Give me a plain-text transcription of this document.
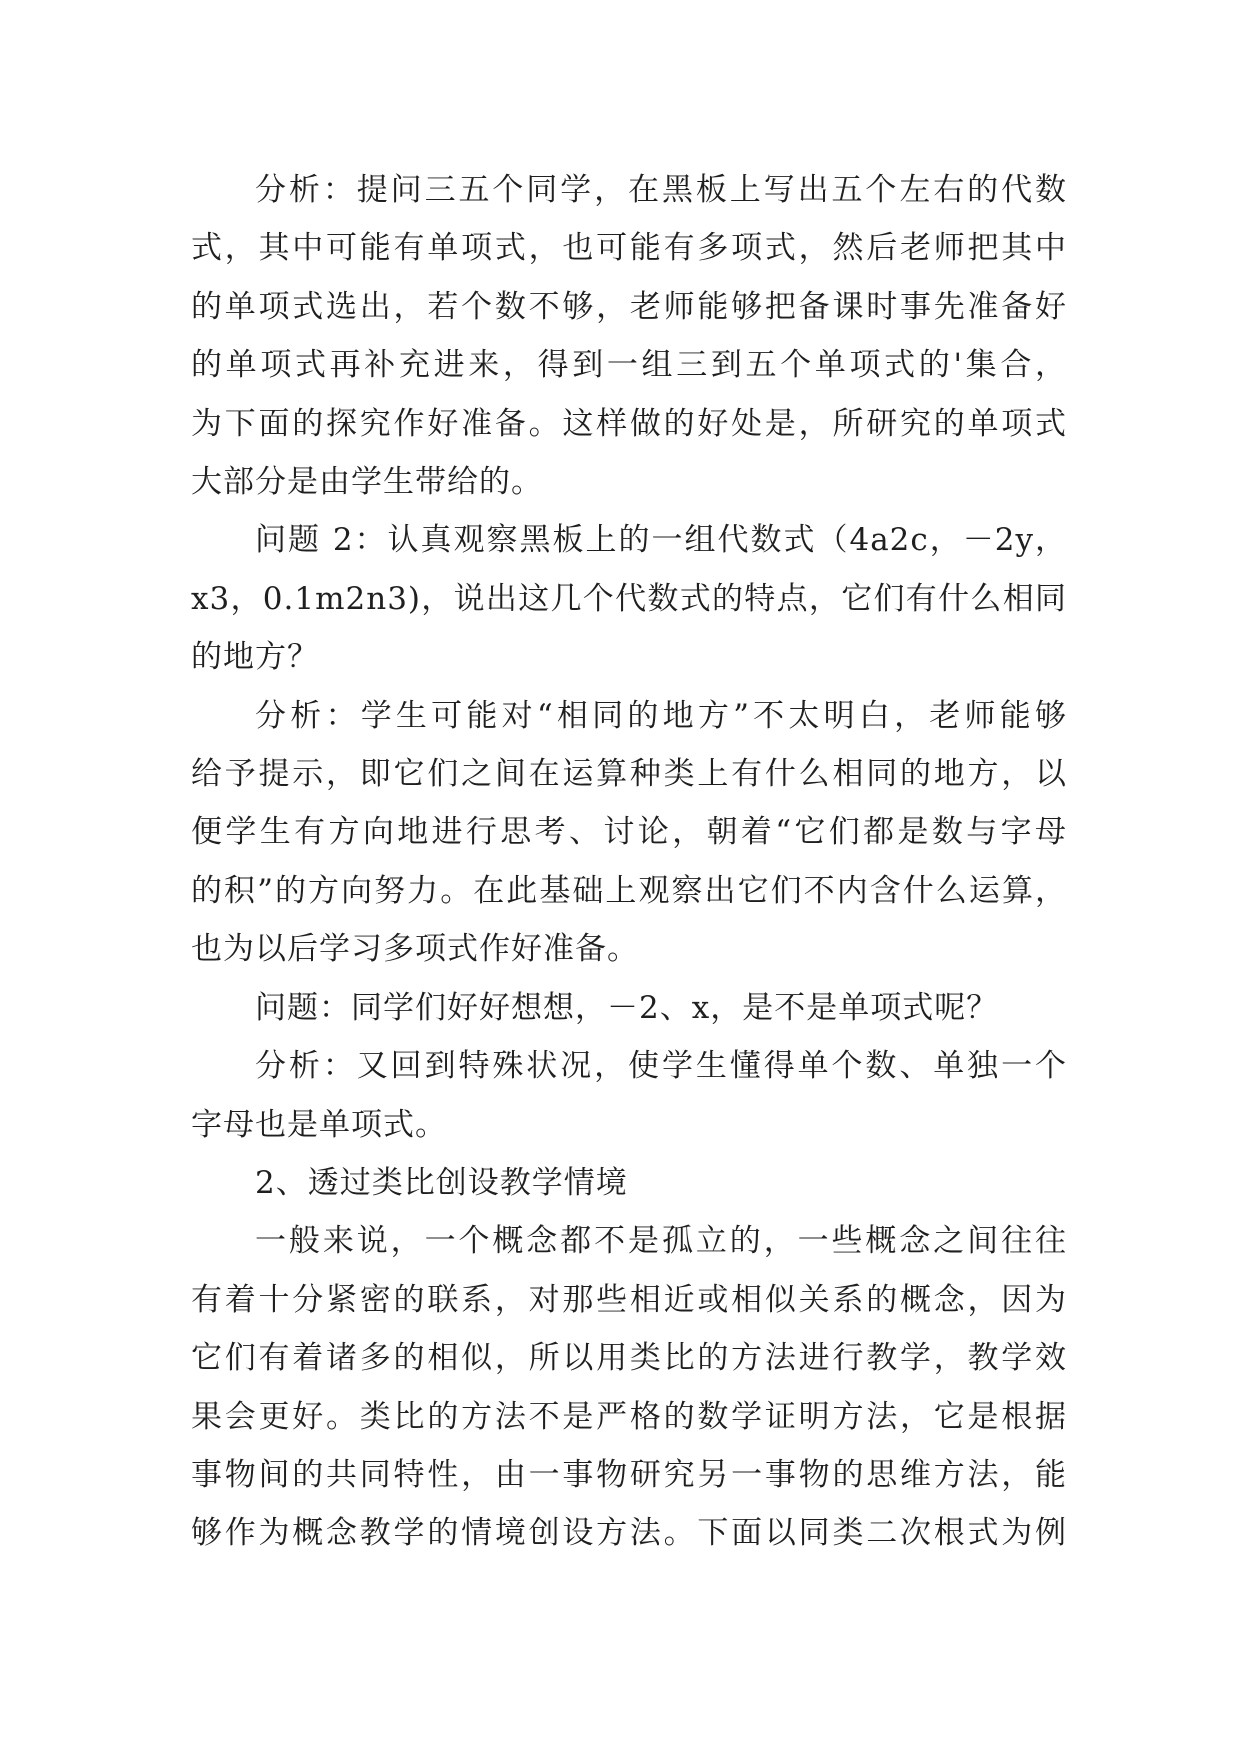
分析：提问三五个同学，在黑板上写出五个左右的代数
式，其中可能有单项式，也可能有多项式，然后老师把其中
的单项式选出，若个数不够，老师能够把备课时事先准备好
的单项式再补充进来，得到一组三到五个单项式的'集合，
为下面的探究作好准备。这样做的好处是，所研究的单项式
大部分是由学生带给的。
问题 2：认真观察黑板上的一组代数式（4a2c，－2y，
x3，0.1m2n3)，说出这几个代数式的特点，它们有什么相同
的地方？
分析：学生可能对“相同的地方”不太明白，老师能够
给予提示，即它们之间在运算种类上有什么相同的地方，以
便学生有方向地进行思考、讨论，朝着“它们都是数与字母
的积”的方向努力。在此基础上观察出它们不内含什么运算，
也为以后学习多项式作好准备。
问题：同学们好好想想，－2、x，是不是单项式呢？
分析：又回到特殊状况，使学生懂得单个数、单独一个
字母也是单项式。
2、透过类比创设教学情境
一般来说，一个概念都不是孤立的，一些概念之间往往
有着十分紧密的联系，对那些相近或相似关系的概念，因为
它们有着诸多的相似，所以用类比的方法进行教学，教学效
果会更好。类比的方法不是严格的数学证明方法，它是根据
事物间的共同特性，由一事物研究另一事物的思维方法，能
够作为概念教学的情境创设方法。下面以同类二次根式为例
